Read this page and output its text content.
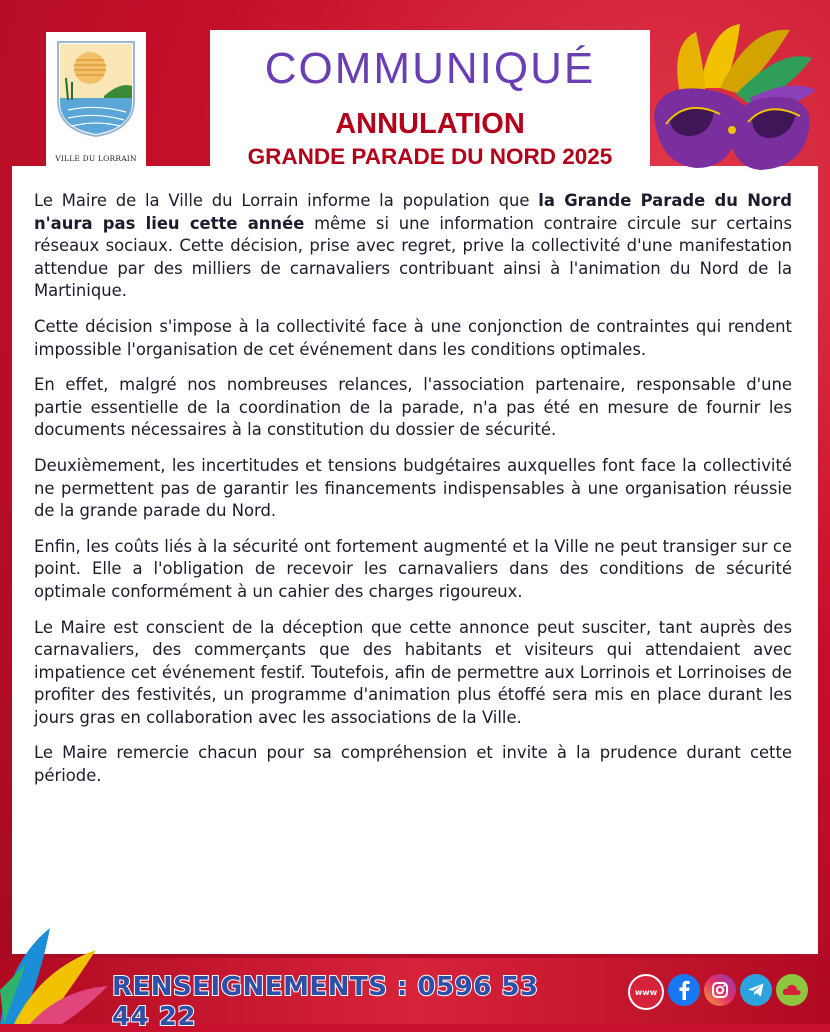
VILLE DU LORRAIN
COMMUNIQUÉ
ANNULATION
GRANDE PARADE DU NORD 2025

Le Maire de la Ville du Lorrain informe la population que la Grande Parade du Nord n'aura pas lieu cette année même si une information contraire circule sur certains réseaux sociaux. Cette décision, prise avec regret, prive la collectivité d'une manifestation attendue par des milliers de carnavaliers contribuant ainsi à l'animation du Nord de la Martinique.

Cette décision s'impose à la collectivité face à une conjonction de contraintes qui rendent impossible l'organisation de cet événement dans les conditions optimales.

En effet, malgré nos nombreuses relances, l'association partenaire, responsable d'une partie essentielle de la coordination de la parade, n'a pas été en mesure de fournir les documents nécessaires à la constitution du dossier de sécurité.

Deuxièmement, les incertitudes et tensions budgétaires auxquelles font face la collectivité ne permettent pas de garantir les financements indispensables à une organisation réussie de la grande parade du Nord.

Enfin, les coûts liés à la sécurité ont fortement augmenté et la Ville ne peut transiger sur ce point. Elle a l'obligation de recevoir les carnavaliers dans des conditions de sécurité optimale conformément à un cahier des charges rigoureux.

Le Maire est conscient de la déception que cette annonce peut susciter, tant auprès des carnavaliers, des commerçants que des habitants et visiteurs qui attendaient avec impatience cet événement festif. Toutefois, afin de permettre aux Lorrinois et Lorrinoises de profiter des festivités, un programme d'animation plus étoffé sera mis en place durant les jours gras en collaboration avec les associations de la Ville.

Le Maire remercie chacun pour sa compréhension et invite à la prudence durant cette période.

RENSEIGNEMENTS : 0596 53 44 22
www
